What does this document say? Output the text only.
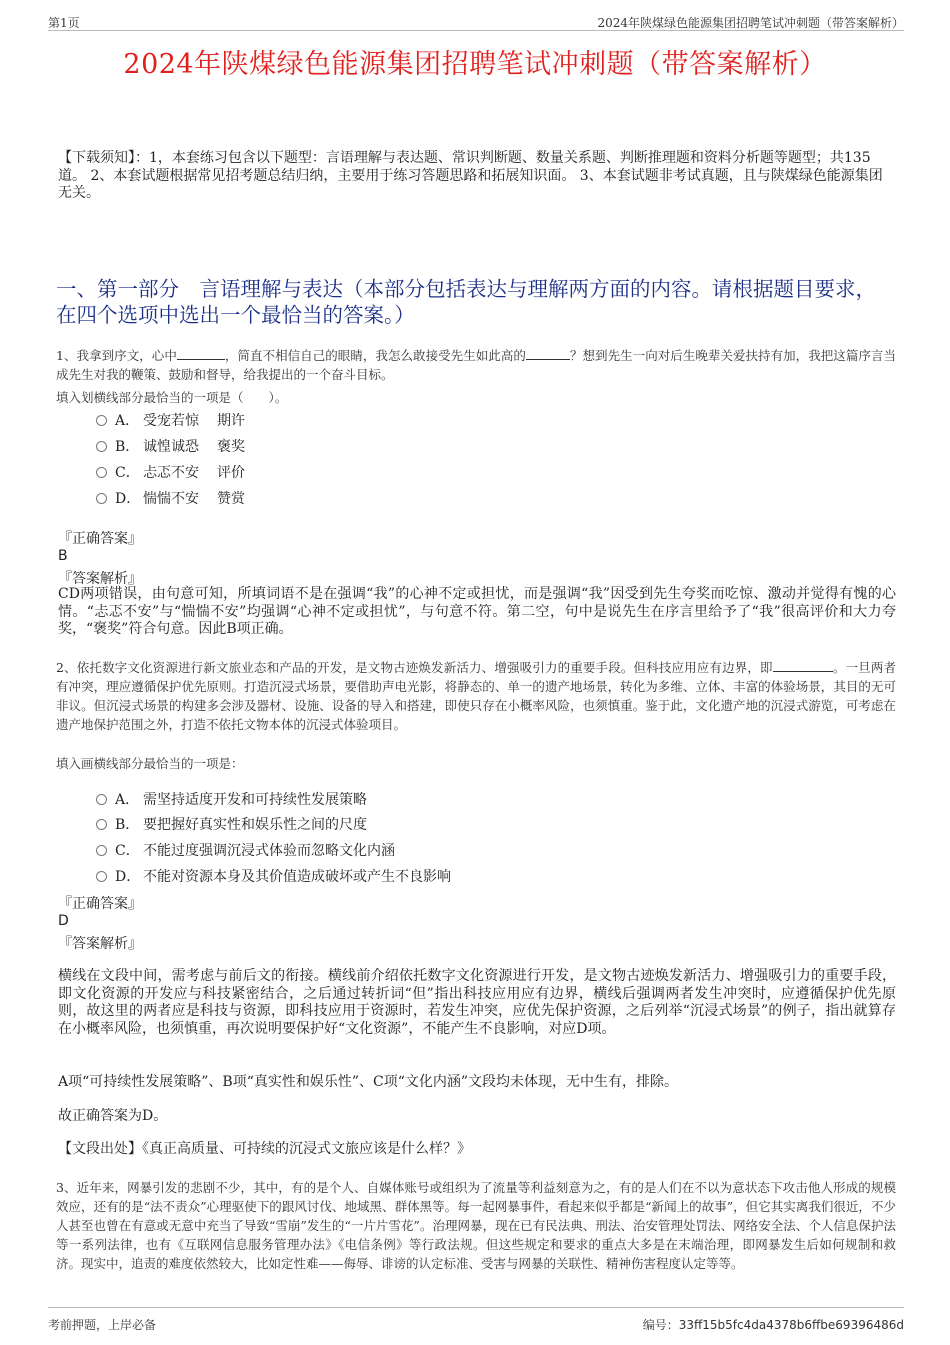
第1页	2024年陕煤绿色能源集团招聘笔试冲刺题（带答案解析）
2024年陕煤绿色能源集团招聘笔试冲刺题（带答案解析）
【下载须知】：1，本套练习包含以下题型：言语理解与表达题、常识判断题、数量关系题、判断推理题和资料分析题等题型；共135道。 2、本套试题根据常见招考题总结归纳，主要用于练习答题思路和拓展知识面。 3、本套试题非考试真题，且与陕煤绿色能源集团无关。
一、第一部分　言语理解与表达（本部分包括表达与理解两方面的内容。请根据题目要求，在四个选项中选出一个最恰当的答案。）
1、我拿到序文，心中	，简直不相信自己的眼睛，我怎么敢接受先生如此高的	？想到先生一向对后生晚辈关爱扶持有加，我把这篇序言当成先生对我的鞭策、鼓励和督导，给我提出的一个奋斗目标。
填入划横线部分最恰当的一项是（　　）。
A． 受宠若惊 期许
B． 诚惶诚恐 褒奖
C． 忐忑不安 评价
D． 惴惴不安 赞赏
『正确答案』
B
『答案解析』
CD两项错误，由句意可知，所填词语不是在强调“我”的心神不定或担忧，而是强调“我”因受到先生夸奖而吃惊、激动并觉得有愧的心情。“忐忑不安”与“惴惴不安”均强调“心神不定或担忧”，与句意不符。第二空，句中是说先生在序言里给予了“我”很高评价和大力夸奖，“褒奖”符合句意。因此B项正确。
2、依托数字文化资源进行新文旅业态和产品的开发，是文物古迹焕发新活力、增强吸引力的重要手段。但科技应用应有边界，即	。一旦两者有冲突，理应遵循保护优先原则。打造沉浸式场景，要借助声电光影，将静态的、单一的遗产地场景，转化为多维、立体、丰富的体验场景，其目的无可非议。但沉浸式场景的构建多会涉及器材、设施、设备的导入和搭建，即使只存在小概率风险，也须慎重。鉴于此，文化遗产地的沉浸式游览，可考虑在遗产地保护范围之外，打造不依托文物本体的沉浸式体验项目。
填入画横线部分最恰当的一项是：
A． 需坚持适度开发和可持续性发展策略
B． 要把握好真实性和娱乐性之间的尺度
C． 不能过度强调沉浸式体验而忽略文化内涵
D． 不能对资源本身及其价值造成破坏或产生不良影响
『正确答案』
D
『答案解析』
横线在文段中间，需考虑与前后文的衔接。横线前介绍依托数字文化资源进行开发，是文物古迹焕发新活力、增强吸引力的重要手段，即文化资源的开发应与科技紧密结合，之后通过转折词“但”指出科技应用应有边界，横线后强调两者发生冲突时，应遵循保护优先原则，故这里的两者应是科技与资源，即科技应用于资源时，若发生冲突，应优先保护资源，之后列举“沉浸式场景”的例子，指出就算存在小概率风险，也须慎重，再次说明要保护好“文化资源”，不能产生不良影响，对应D项。
A项“可持续性发展策略”、B项“真实性和娱乐性”、C项“文化内涵”文段均未体现，无中生有，排除。
故正确答案为D。
【文段出处】《真正高质量、可持续的沉浸式文旅应该是什么样？》
3、近年来，网暴引发的悲剧不少，其中，有的是个人、自媒体账号或组织为了流量等利益刻意为之，有的是人们在不以为意状态下攻击他人形成的规模效应，还有的是“法不责众”心理驱使下的跟风讨伐、地域黑、群体黑等。每一起网暴事件，看起来似乎都是“新闻上的故事”，但它其实离我们很近，不少人甚至也曾在有意或无意中充当了导致“雪崩”发生的“一片片雪花”。治理网暴，现在已有民法典、刑法、治安管理处罚法、网络安全法、个人信息保护法等一系列法律，也有《互联网信息服务管理办法》《电信条例》等行政法规。但这些规定和要求的重点大多是在末端治理，即网暴发生后如何规制和救济。现实中，追责的难度依然较大，比如定性难——侮辱、诽谤的认定标准、受害与网暴的关联性、精神伤害程度认定等等。
考前押题，上岸必备	编号：33ff15b5fc4da4378b6ffbe69396486d
